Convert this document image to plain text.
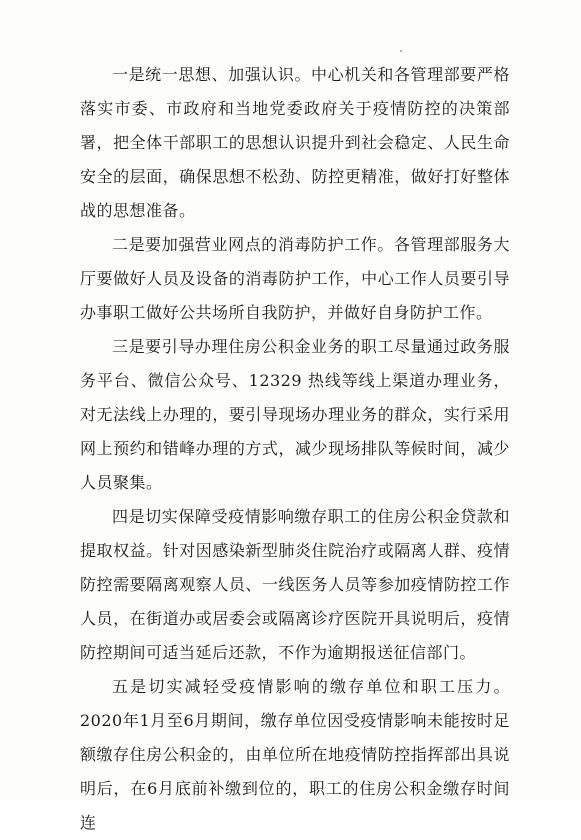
一是统一思想、加强认识。中心机关和各管理部要严格落实市委、市政府和当地党委政府关于疫情防控的决策部署，把全体干部职工的思想认识提升到社会稳定、人民生命安全的层面，确保思想不松劲、防控更精准，做好打好整体战的思想准备。

二是要加强营业网点的消毒防护工作。各管理部服务大厅要做好人员及设备的消毒防护工作，中心工作人员要引导办事职工做好公共场所自我防护，并做好自身防护工作。

三是要引导办理住房公积金业务的职工尽量通过政务服务平台、微信公众号、12329 热线等线上渠道办理业务，对无法线上办理的，要引导现场办理业务的群众，实行采用网上预约和错峰办理的方式，减少现场排队等候时间，减少人员聚集。

四是切实保障受疫情影响缴存职工的住房公积金贷款和提取权益。针对因感染新型肺炎住院治疗或隔离人群、疫情防控需要隔离观察人员、一线医务人员等参加疫情防控工作人员，在街道办或居委会或隔离诊疗医院开具说明后，疫情防控期间可适当延后还款，不作为逾期报送征信部门。

五是切实减轻受疫情影响的缴存单位和职工压力。2020年1月至6月期间，缴存单位因受疫情影响未能按时足额缴存住房公积金的，由单位所在地疫情防控指挥部出具说明后，在6月底前补缴到位的，职工的住房公积金缴存时间连
